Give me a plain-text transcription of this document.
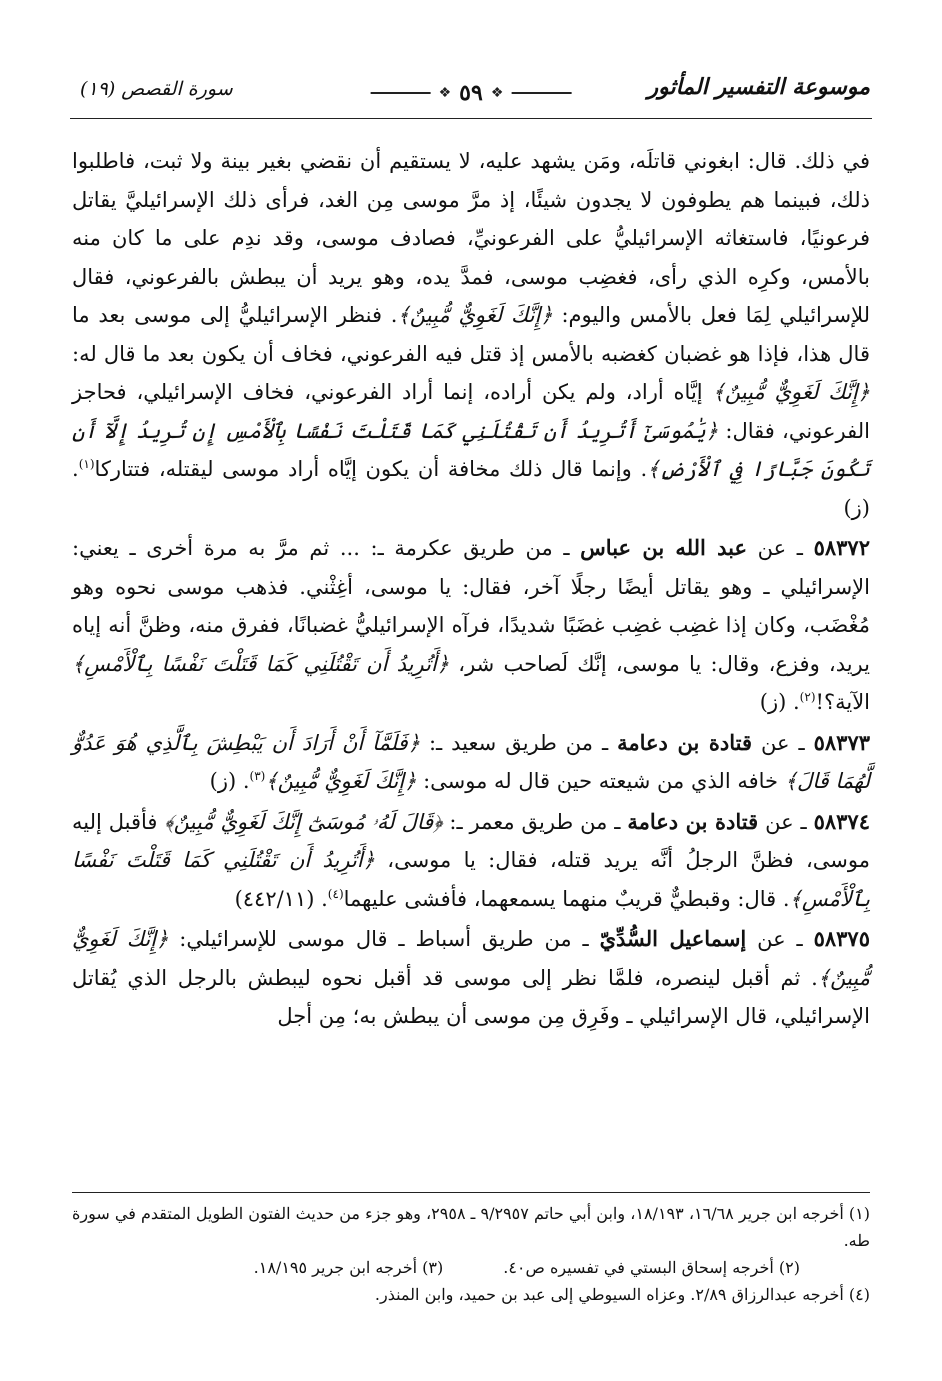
موسوعة التفسير المأثور
❖ ٥٩ ❖
سورة القصص (١٩)

في ذلك. قال: ابغوني قاتلَه، ومَن يشهد عليه، لا يستقيم أن نقضي بغير بينة ولا ثبت، فاطلبوا ذلك، فبينما هم يطوفون لا يجدون شيئًا، إذ مرَّ موسى مِن الغد، فرأى ذلك الإسرائيليَّ يقاتل فرعونيًا، فاستغاثه الإسرائيليُّ على الفرعونيِّ، فصادف موسى، وقد ندِم على ما كان منه بالأمس، وكرِه الذي رأى، فغضِب موسى، فمدَّ يده، وهو يريد أن يبطش بالفرعوني، فقال للإسرائيلي لِمَا فعل بالأمس واليوم: ﴿إِنَّكَ لَغَوِيٌّ مُّبِينٌ﴾. فنظر الإسرائيليُّ إلى موسى بعد ما قال هذا، فإذا هو غضبان كغضبه بالأمس إذ قتل فيه الفرعوني، فخاف أن يكون بعد ما قال له: ﴿إِنَّكَ لَغَوِيٌّ مُّبِينٌ﴾ إيَّاه أراد، ولم يكن أراده، إنما أراد الفرعوني، فخاف الإسرائيلي، فحاجز الفرعوني، فقال: ﴿يَٰمُوسَىٰٓ أَتُرِيدُ أَن تَقْتُلَنِي كَمَا قَتَلْتَ نَفْسًا بِٱلْأَمْسِ إِن تُرِيدُ إِلَّآ أَن تَكُونَ جَبَّارًا فِي ٱلْأَرْضِ﴾. وإنما قال ذلك مخافة أن يكون إيَّاه أراد موسى ليقتله، فتتاركا$^{(١)}$. (ز)

٥٨٣٧٢ ـ عن عبد الله بن عباس ـ من طريق عكرمة ـ: ... ثم مرَّ به مرة أخرى ـ يعني: الإسرائيلي ـ وهو يقاتل أيضًا رجلًا آخر، فقال: يا موسى، أغِثْني. فذهب موسى نحوه وهو مُغْضَب، وكان إذا غضِب غضِب غضَبًا شديدًا، فرآه الإسرائيليُّ غضبانًا، ففرق منه، وظنَّ أنه إياه يريد، وفزع، وقال: يا موسى، إنَّك لَصاحب شر، ﴿أَتُرِيدُ أَن تَقْتُلَنِي كَمَا قَتَلْتَ نَفْسًا بِٱلْأَمْسِ﴾ الآية؟!$^{(٢)}$. (ز)

٥٨٣٧٣ ـ عن قتادة بن دعامة ـ من طريق سعيد ـ: ﴿فَلَمَّآ أَنْ أَرَادَ أَن يَبْطِشَ بِٱلَّذِي هُوَ عَدُوٌّ لَّهُمَا قَالَ﴾ خافه الذي من شيعته حين قال له موسى: ﴿إِنَّكَ لَغَوِيٌّ مُّبِينٌ﴾$^{(٣)}$. (ز)

٥٨٣٧٤ ـ عن قتادة بن دعامة ـ من طريق معمر ـ: ﴿قَالَ لَهُۥ مُوسَىٰٓ إِنَّكَ لَغَوِيٌّ مُّبِينٌ﴾ فأقبل إليه موسى، فظنَّ الرجلُ أنَّه يريد قتله، فقال: يا موسى، ﴿أَتُرِيدُ أَن تَقْتُلَنِي كَمَا قَتَلْتَ نَفْسًا بِٱلْأَمْسِ﴾. قال: وقبطيٌّ قريبٌ منهما يسمعهما، فأفشى عليهما$^{(٤)}$. (٤٤٢/١١)

٥٨٣٧٥ ـ عن إسماعيل السُّدِّيّ ـ من طريق أسباط ـ قال موسى للإسرائيلي: ﴿إِنَّكَ لَغَوِيٌّ مُّبِينٌ﴾. ثم أقبل لينصره، فلمَّا نظر إلى موسى قد أقبل نحوه ليبطش بالرجل الذي يُقاتل الإسرائيلي، قال الإسرائيلي ـ وفَرِق مِن موسى أن يبطش به؛ مِن أجل

(١) أخرجه ابن جرير ١٦/٦٨، ١٨/١٩٣، وابن أبي حاتم ٩/٢٩٥٧ ـ ٢٩٥٨، وهو جزء من حديث الفتون الطويل المتقدم في سورة طه.

(٢) أخرجه إسحاق البستي في تفسيره ص٤٠.
(٣) أخرجه ابن جرير ١٨/١٩٥.

(٤) أخرجه عبدالرزاق ٢/٨٩. وعزاه السيوطي إلى عبد بن حميد، وابن المنذر.
